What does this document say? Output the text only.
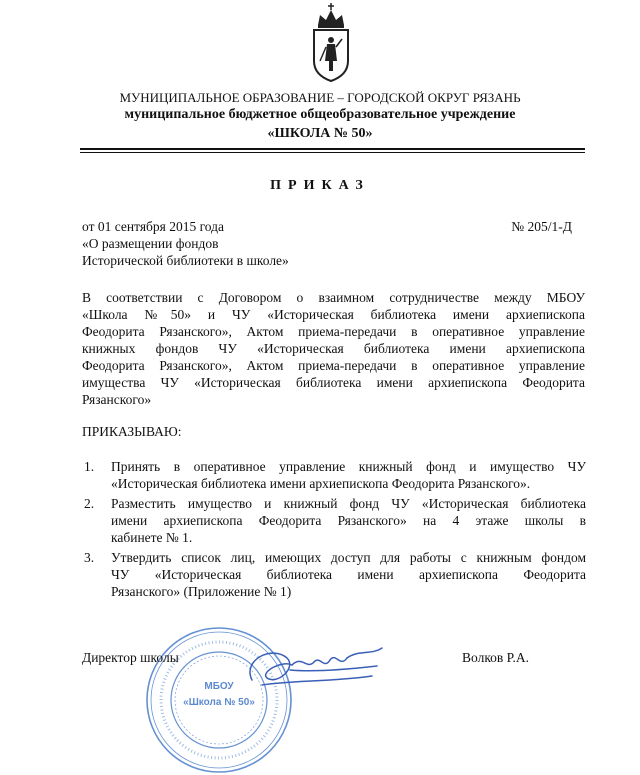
МУНИЦИПАЛЬНОЕ ОБРАЗОВАНИЕ – ГОРОДСКОЙ ОКРУГ РЯЗАНЬ
муниципальное бюджетное общеобразовательное учреждение
«ШКОЛА № 50»
ПРИКАЗ
от 01 сентября 2015 года	№ 205/1-Д
«О размещении фондов
Исторической библиотеки в школе»
В соответствии с Договором о взаимном сотрудничестве между МБОУ
«Школа №50» и ЧУ «Историческая библиотека имени архиепископа
Феодорита Рязанского», Актом приема-передачи в оперативное управление
книжных фондов ЧУ «Историческая библиотека имени архиепископа
Феодорита Рязанского», Актом приема-передачи в оперативное управление
имущества ЧУ «Историческая библиотека имени архиепископа Феодорита
Рязанского»
ПРИКАЗЫВАЮ:
1. Принять в оперативное управление книжный фонд и имущество ЧУ
«Историческая библиотека имени архиепископа Феодорита Рязанского».
2. Разместить имущество и книжный фонд ЧУ «Историческая библиотека
имени архиепископа Феодорита Рязанского» на 4 этаже школы в
кабинете № 1.
3. Утвердить список лиц, имеющих доступ для работы с книжным фондом
ЧУ «Историческая библиотека имени архиепископа Феодорита
Рязанского» (Приложение № 1)
МБОУ
«Школа № 50»
Директор школы	Волков Р.А.
